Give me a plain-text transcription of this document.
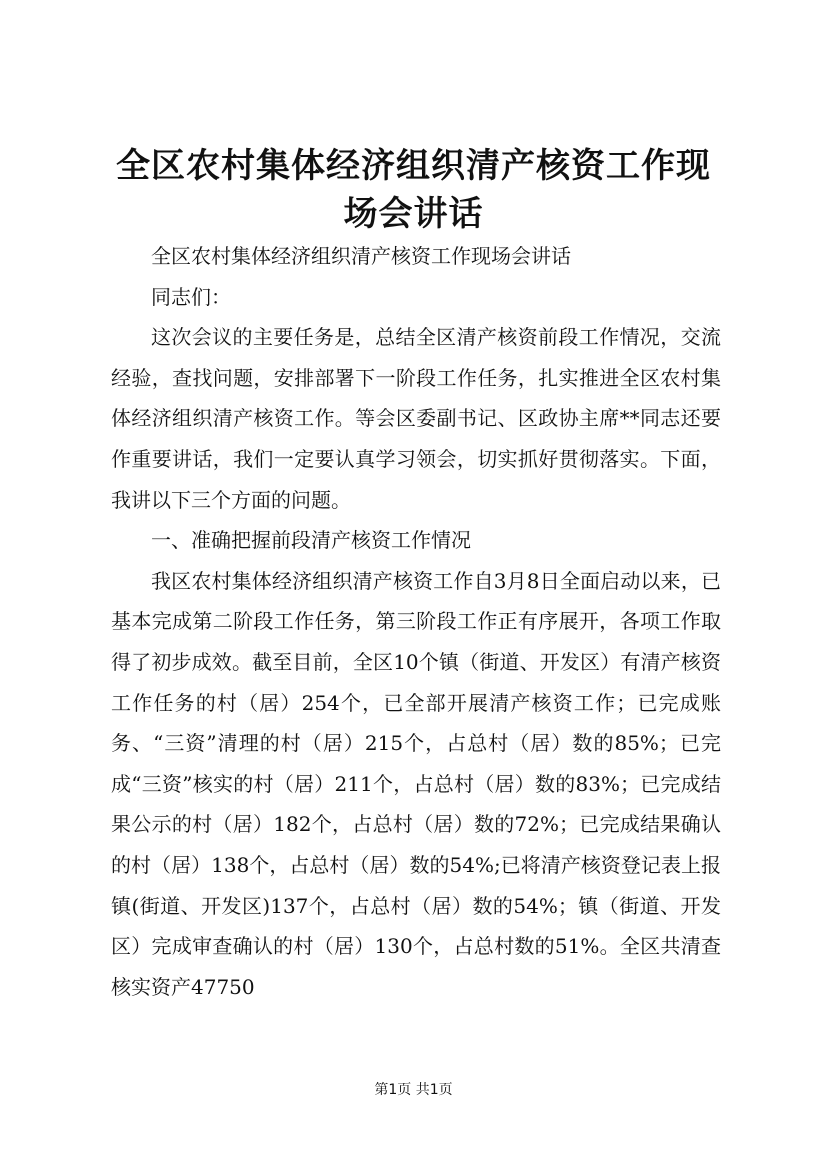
全区农村集体经济组织清产核资工作现场会讲话

全区农村集体经济组织清产核资工作现场会讲话

同志们：

这次会议的主要任务是，总结全区清产核资前段工作情况，交流经验，查找问题，安排部署下一阶段工作任务，扎实推进全区农村集体经济组织清产核资工作。等会区委副书记、区政协主席**同志还要作重要讲话，我们一定要认真学习领会，切实抓好贯彻落实。下面，我讲以下三个方面的问题。

一、准确把握前段清产核资工作情况

我区农村集体经济组织清产核资工作自3月8日全面启动以来，已基本完成第二阶段工作任务，第三阶段工作正有序展开，各项工作取得了初步成效。截至目前，全区10个镇（街道、开发区）有清产核资工作任务的村（居）254个，已全部开展清产核资工作；已完成账务、“三资”清理的村（居）215个，占总村（居）数的85%；已完成“三资”核实的村（居）211个，占总村（居）数的83%；已完成结果公示的村（居）182个，占总村（居）数的72%；已完成结果确认的村（居）138个，占总村（居）数的54%;已将清产核资登记表上报镇(街道、开发区)137个，占总村（居）数的54%；镇（街道、开发区）完成审查确认的村（居）130个，占总村数的51%。全区共清查核实资产47750

第1页 共1页
